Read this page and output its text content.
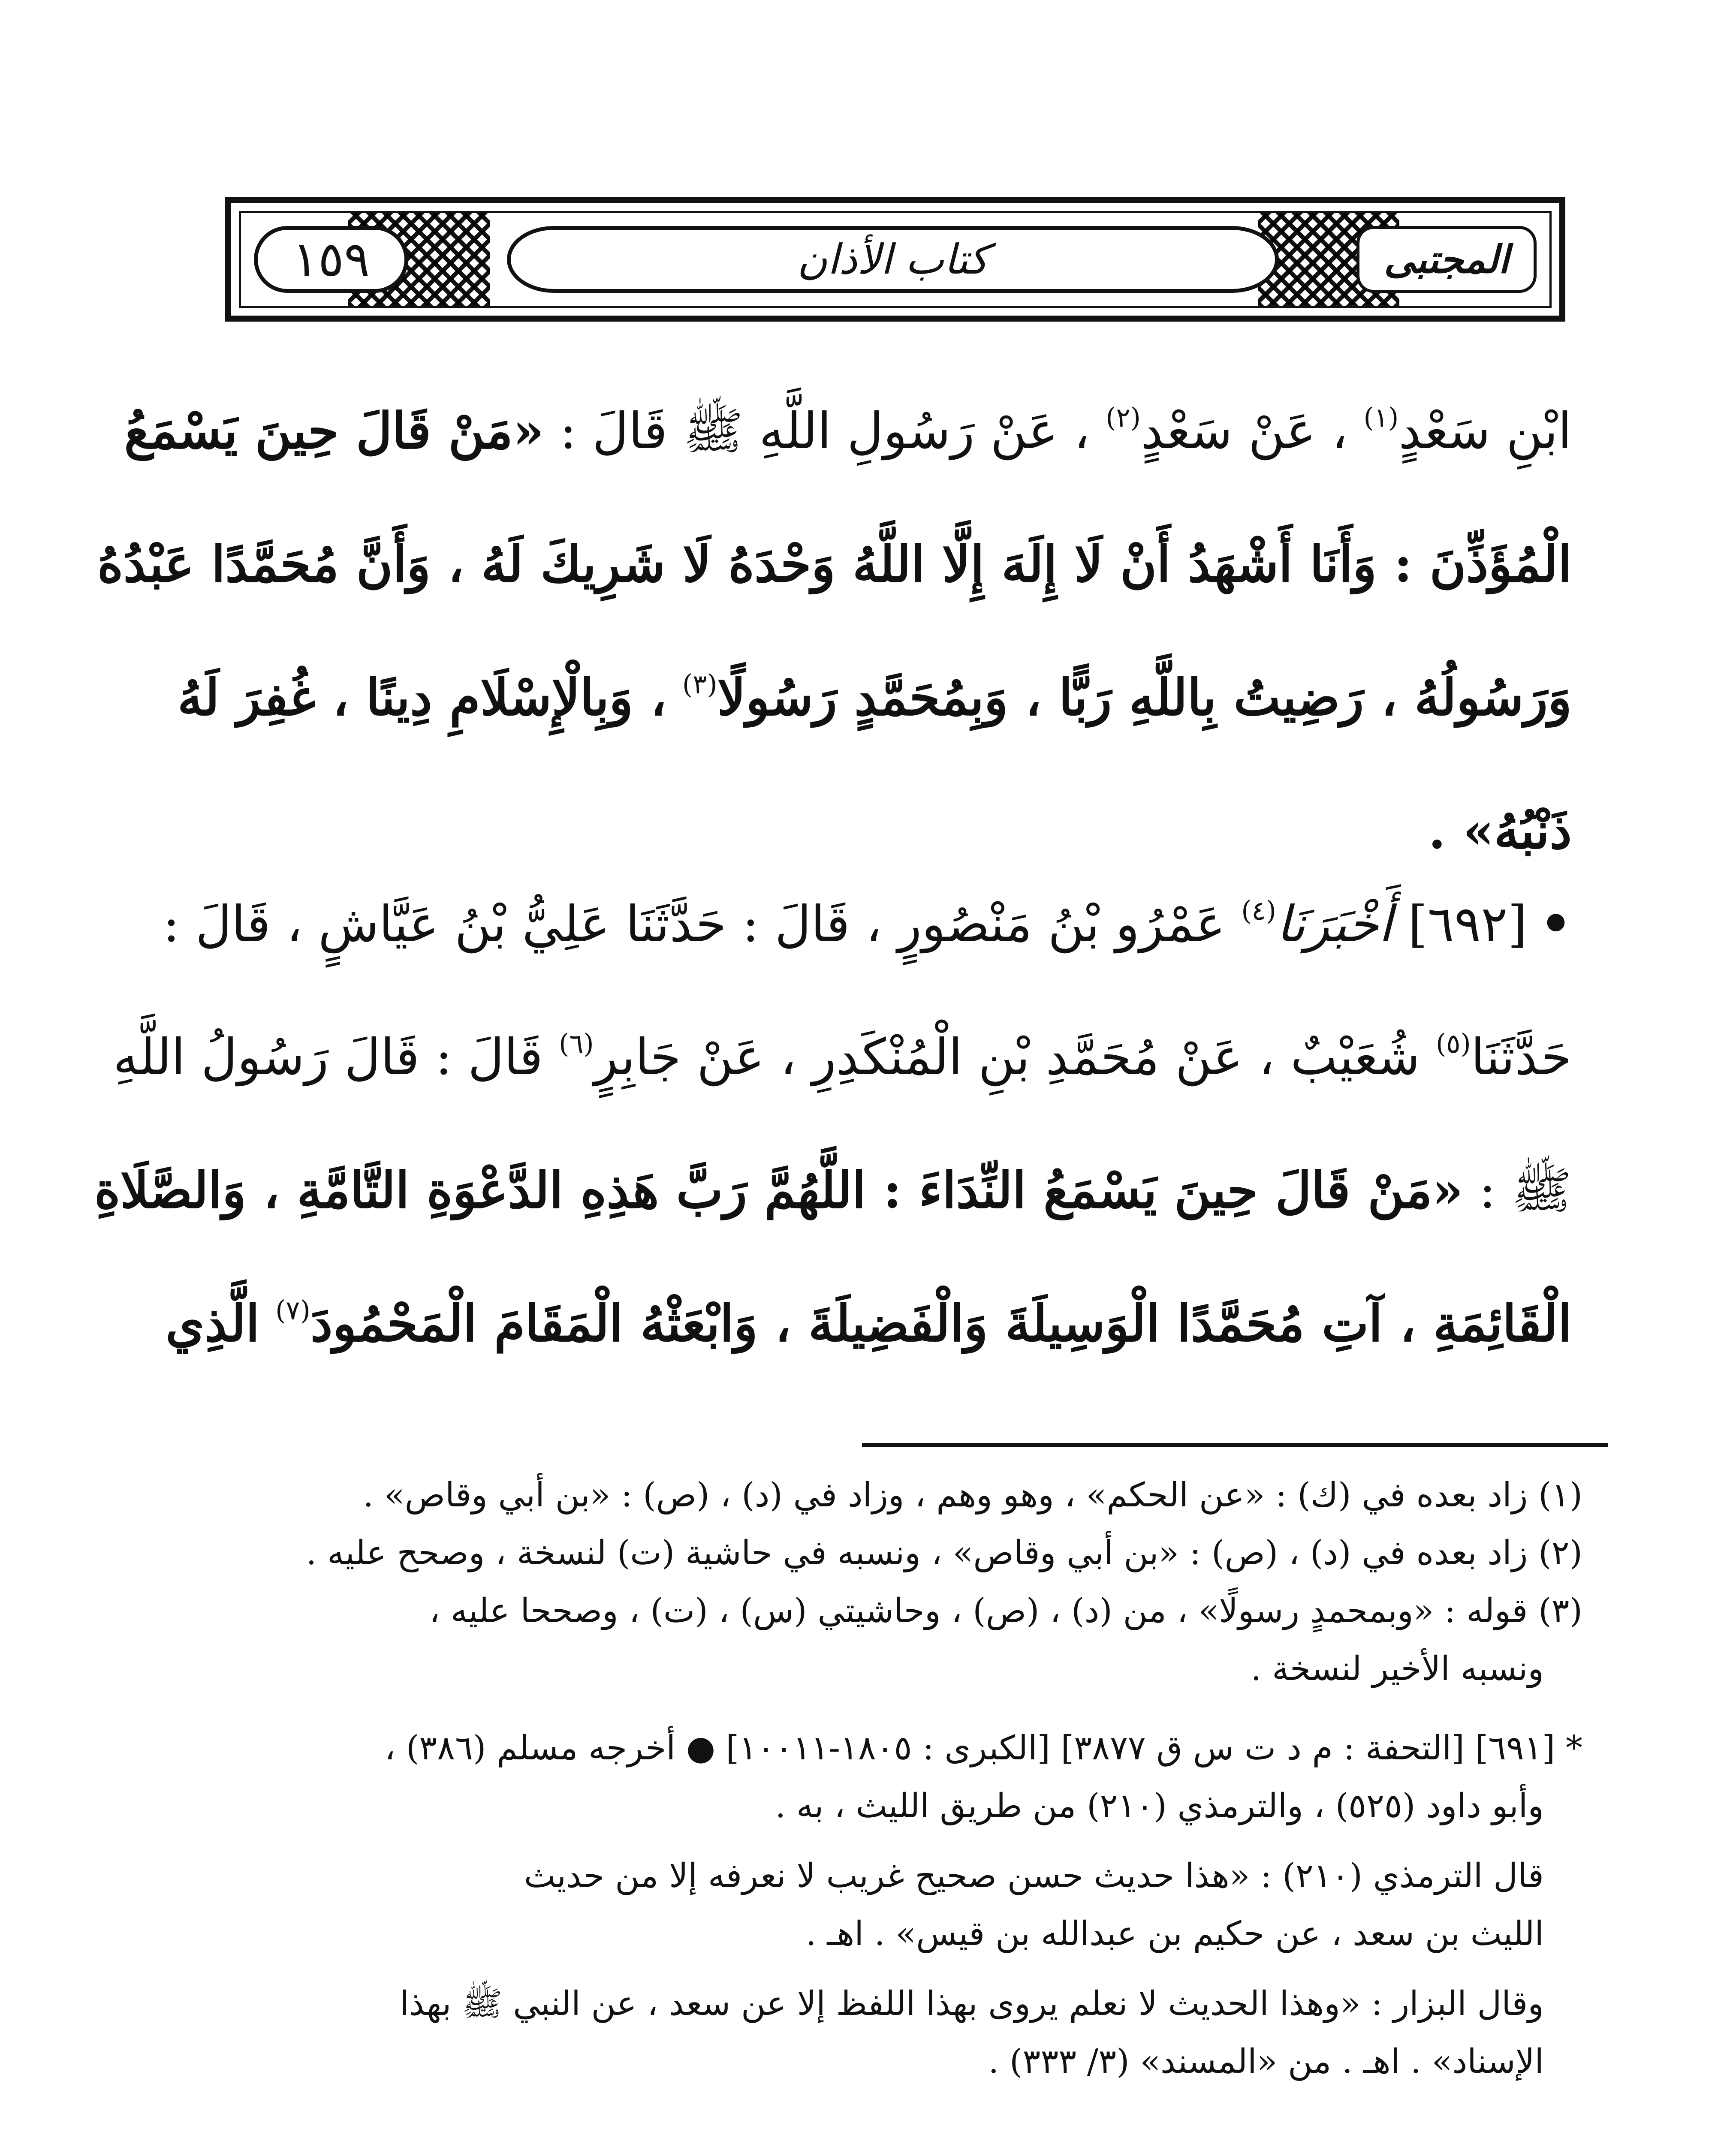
١٥٩	كتاب الأذان	المجتبى
ابْنِ سَعْدٍ$^{(١)}$ ، عَنْ سَعْدٍ$^{(٢)}$ ، عَنْ رَسُولِ اللَّهِ ﷺ قَالَ : «مَنْ قَالَ حِينَ يَسْمَعُ
الْمُؤَذِّنَ : وَأَنَا أَشْهَدُ أَنْ لَا إِلَهَ إِلَّا اللَّهُ وَحْدَهُ لَا شَرِيكَ لَهُ ، وَأَنَّ مُحَمَّدًا عَبْدُهُ
وَرَسُولُهُ ، رَضِيتُ بِاللَّهِ رَبًّا ، وَبِمُحَمَّدٍ رَسُولًا$^{(٣)}$ ، وَبِالْإِسْلَامِ دِينًا ، غُفِرَ لَهُ
ذَنْبُهُ» .
•[٦٩٢] أَخْبَرَنَا$^{(٤)}$ عَمْرُو بْنُ مَنْصُورٍ ، قَالَ : حَدَّثَنَا عَلِيُّ بْنُ عَيَّاشٍ ، قَالَ :
حَدَّثَنَا$^{(٥)}$ شُعَيْبٌ ، عَنْ مُحَمَّدِ بْنِ الْمُنْكَدِرِ ، عَنْ جَابِرٍ$^{(٦)}$ قَالَ : قَالَ رَسُولُ اللَّهِ
ﷺ : «مَنْ قَالَ حِينَ يَسْمَعُ النِّدَاءَ : اللَّهُمَّ رَبَّ هَذِهِ الدَّعْوَةِ التَّامَّةِ ، وَالصَّلَاةِ
الْقَائِمَةِ ، آتِ مُحَمَّدًا الْوَسِيلَةَ وَالْفَضِيلَةَ ، وَابْعَثْهُ الْمَقَامَ الْمَحْمُودَ$^{(٧)}$ الَّذِي

(١) زاد بعده في (ك) : «عن الحكم» ، وهو وهم ، وزاد في (د) ، (ص) : «بن أبي وقاص» .

(٢) زاد بعده في (د) ، (ص) : «بن أبي وقاص» ، ونسبه في حاشية (ت) لنسخة ، وصحح عليه .

(٣) قوله : «وبمحمدٍ رسولًا» ، من (د) ، (ص) ، وحاشيتي (س) ، (ت) ، وصححا عليه ،

ونسبه الأخير لنسخة .

* [٦٩١] [التحفة : م د ت س ق ٣٨٧٧] [الكبرى : ١٨٠٥-١٠٠١١] ● أخرجه مسلم (٣٨٦) ،

وأبو داود (٥٢٥) ، والترمذي (٢١٠) من طريق الليث ، به .

قال الترمذي (٢١٠) : «هذا حديث حسن صحيح غريب لا نعرفه إلا من حديث

الليث بن سعد ، عن حكيم بن عبدالله بن قيس» . اهـ .

وقال البزار : «وهذا الحديث لا نعلم يروى بهذا اللفظ إلا عن سعد ، عن النبي ﷺ بهذا

الإسناد» . اهـ . من «المسند» (٣/ ٣٣٣) .
